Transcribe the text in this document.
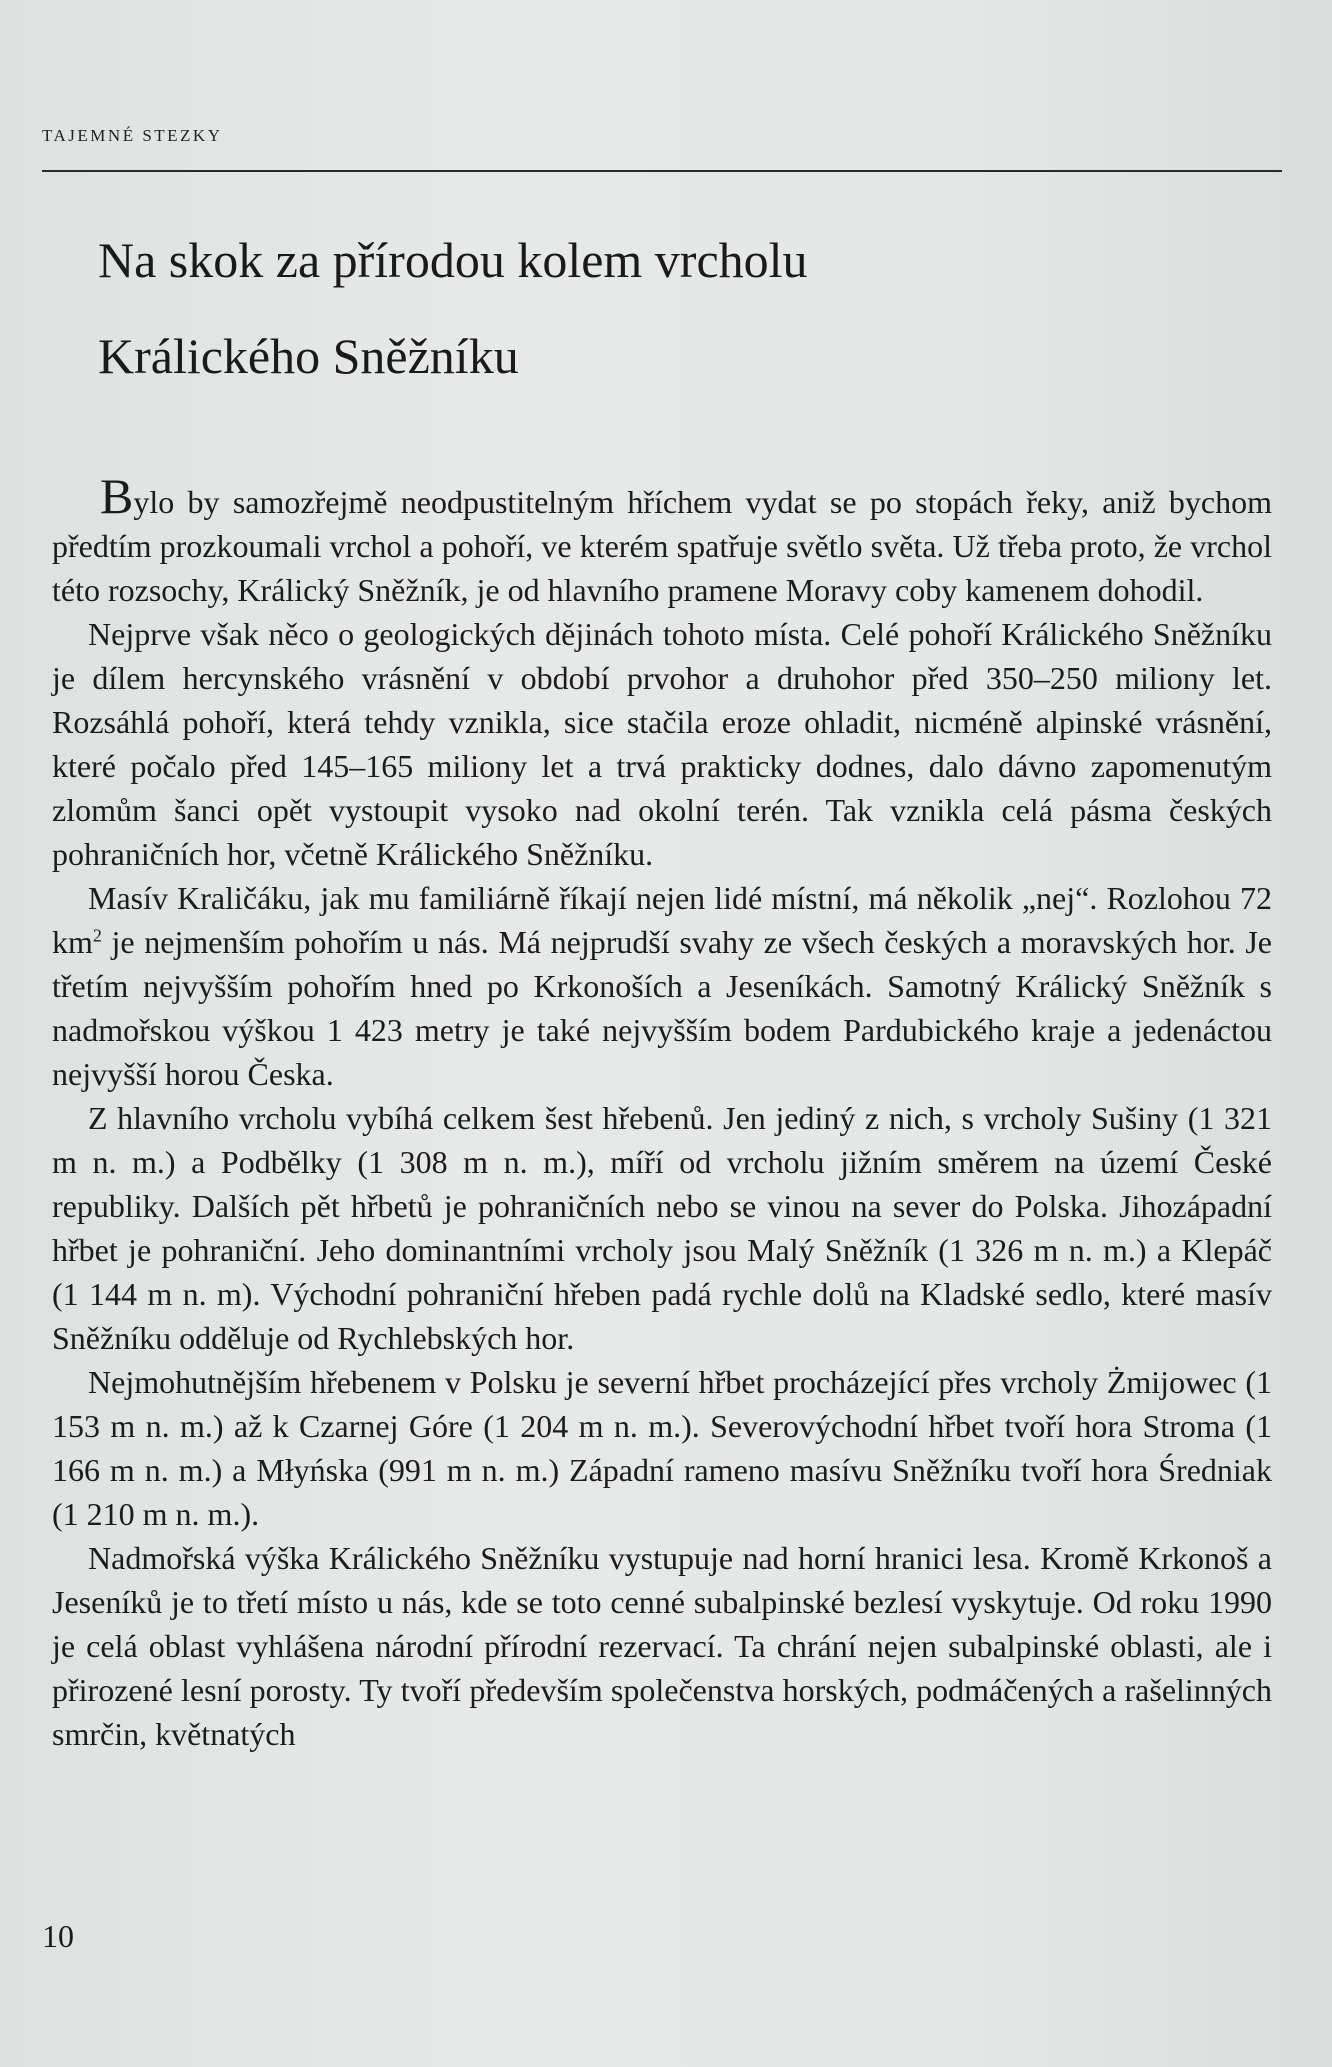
TAJEMNÉ STEZKY
Na skok za přírodou kolem vrcholu
Králického Sněžníku

Bylo by samozřejmě neodpustitelným hříchem vydat se po stopách řeky, aniž bychom předtím prozkoumali vrchol a pohoří, ve kterém spatřuje světlo světa. Už třeba proto, že vrchol této rozsochy, Králický Sněžník, je od hlavního pramene Moravy coby kamenem dohodil.

Nejprve však něco o geologických dějinách tohoto místa. Celé pohoří Králického Sněžníku je dílem hercynského vrásnění v období prvohor a druhohor před 350–250 miliony let. Rozsáhlá pohoří, která tehdy vznikla, sice stačila eroze ohladit, nicméně alpinské vrásnění, které počalo před 145–165 miliony let a trvá prakticky dodnes, dalo dávno zapomenutým zlomům šanci opět vystoupit vysoko nad okolní terén. Tak vznikla celá pásma českých pohraničních hor, včetně Králického Sněžníku.

Masív Kraličáku, jak mu familiárně říkají nejen lidé místní, má několik „nej“. Rozlohou 72 $km^2$ je nejmenším pohořím u nás. Má nejprudší svahy ze všech českých a moravských hor. Je třetím nejvyšším pohořím hned po Krkonoších a Jeseníkách. Samotný Králický Sněžník s nadmořskou výškou 1 423 metry je také nejvyšším bodem Pardubického kraje a jedenáctou nejvyšší horou Česka.

Z hlavního vrcholu vybíhá celkem šest hřebenů. Jen jediný z nich, s vrcholy Sušiny (1 321 m n. m.) a Podbělky (1 308 m n. m.), míří od vrcholu jižním směrem na území České republiky. Dalších pět hřbetů je pohraničních nebo se vinou na sever do Polska. Jihozápadní hřbet je pohraniční. Jeho dominantními vrcholy jsou Malý Sněžník (1 326 m n. m.) a Klepáč (1 144 m n. m). Východní pohraniční hřeben padá rychle dolů na Kladské sedlo, které masív Sněžníku odděluje od Rychlebských hor.

Nejmohutnějším hřebenem v Polsku je severní hřbet procházející přes vrcholy Żmijowec (1 153 m n. m.) až k Czarnej Góre (1 204 m n. m.). Severovýchodní hřbet tvoří hora Stroma (1 166 m n. m.) a Młyńska (991 m n. m.) Západní rameno masívu Sněžníku tvoří hora Średniak (1 210 m n. m.).

Nadmořská výška Králického Sněžníku vystupuje nad horní hranici lesa. Kromě Krkonoš a Jeseníků je to třetí místo u nás, kde se toto cenné subalpinské bezlesí vyskytuje. Od roku 1990 je celá oblast vyhlášena národní přírodní rezervací. Ta chrání nejen subalpinské oblasti, ale i přirozené lesní porosty. Ty tvoří především společenstva horských, podmáčených a rašelinných smrčin, květnatých

10
